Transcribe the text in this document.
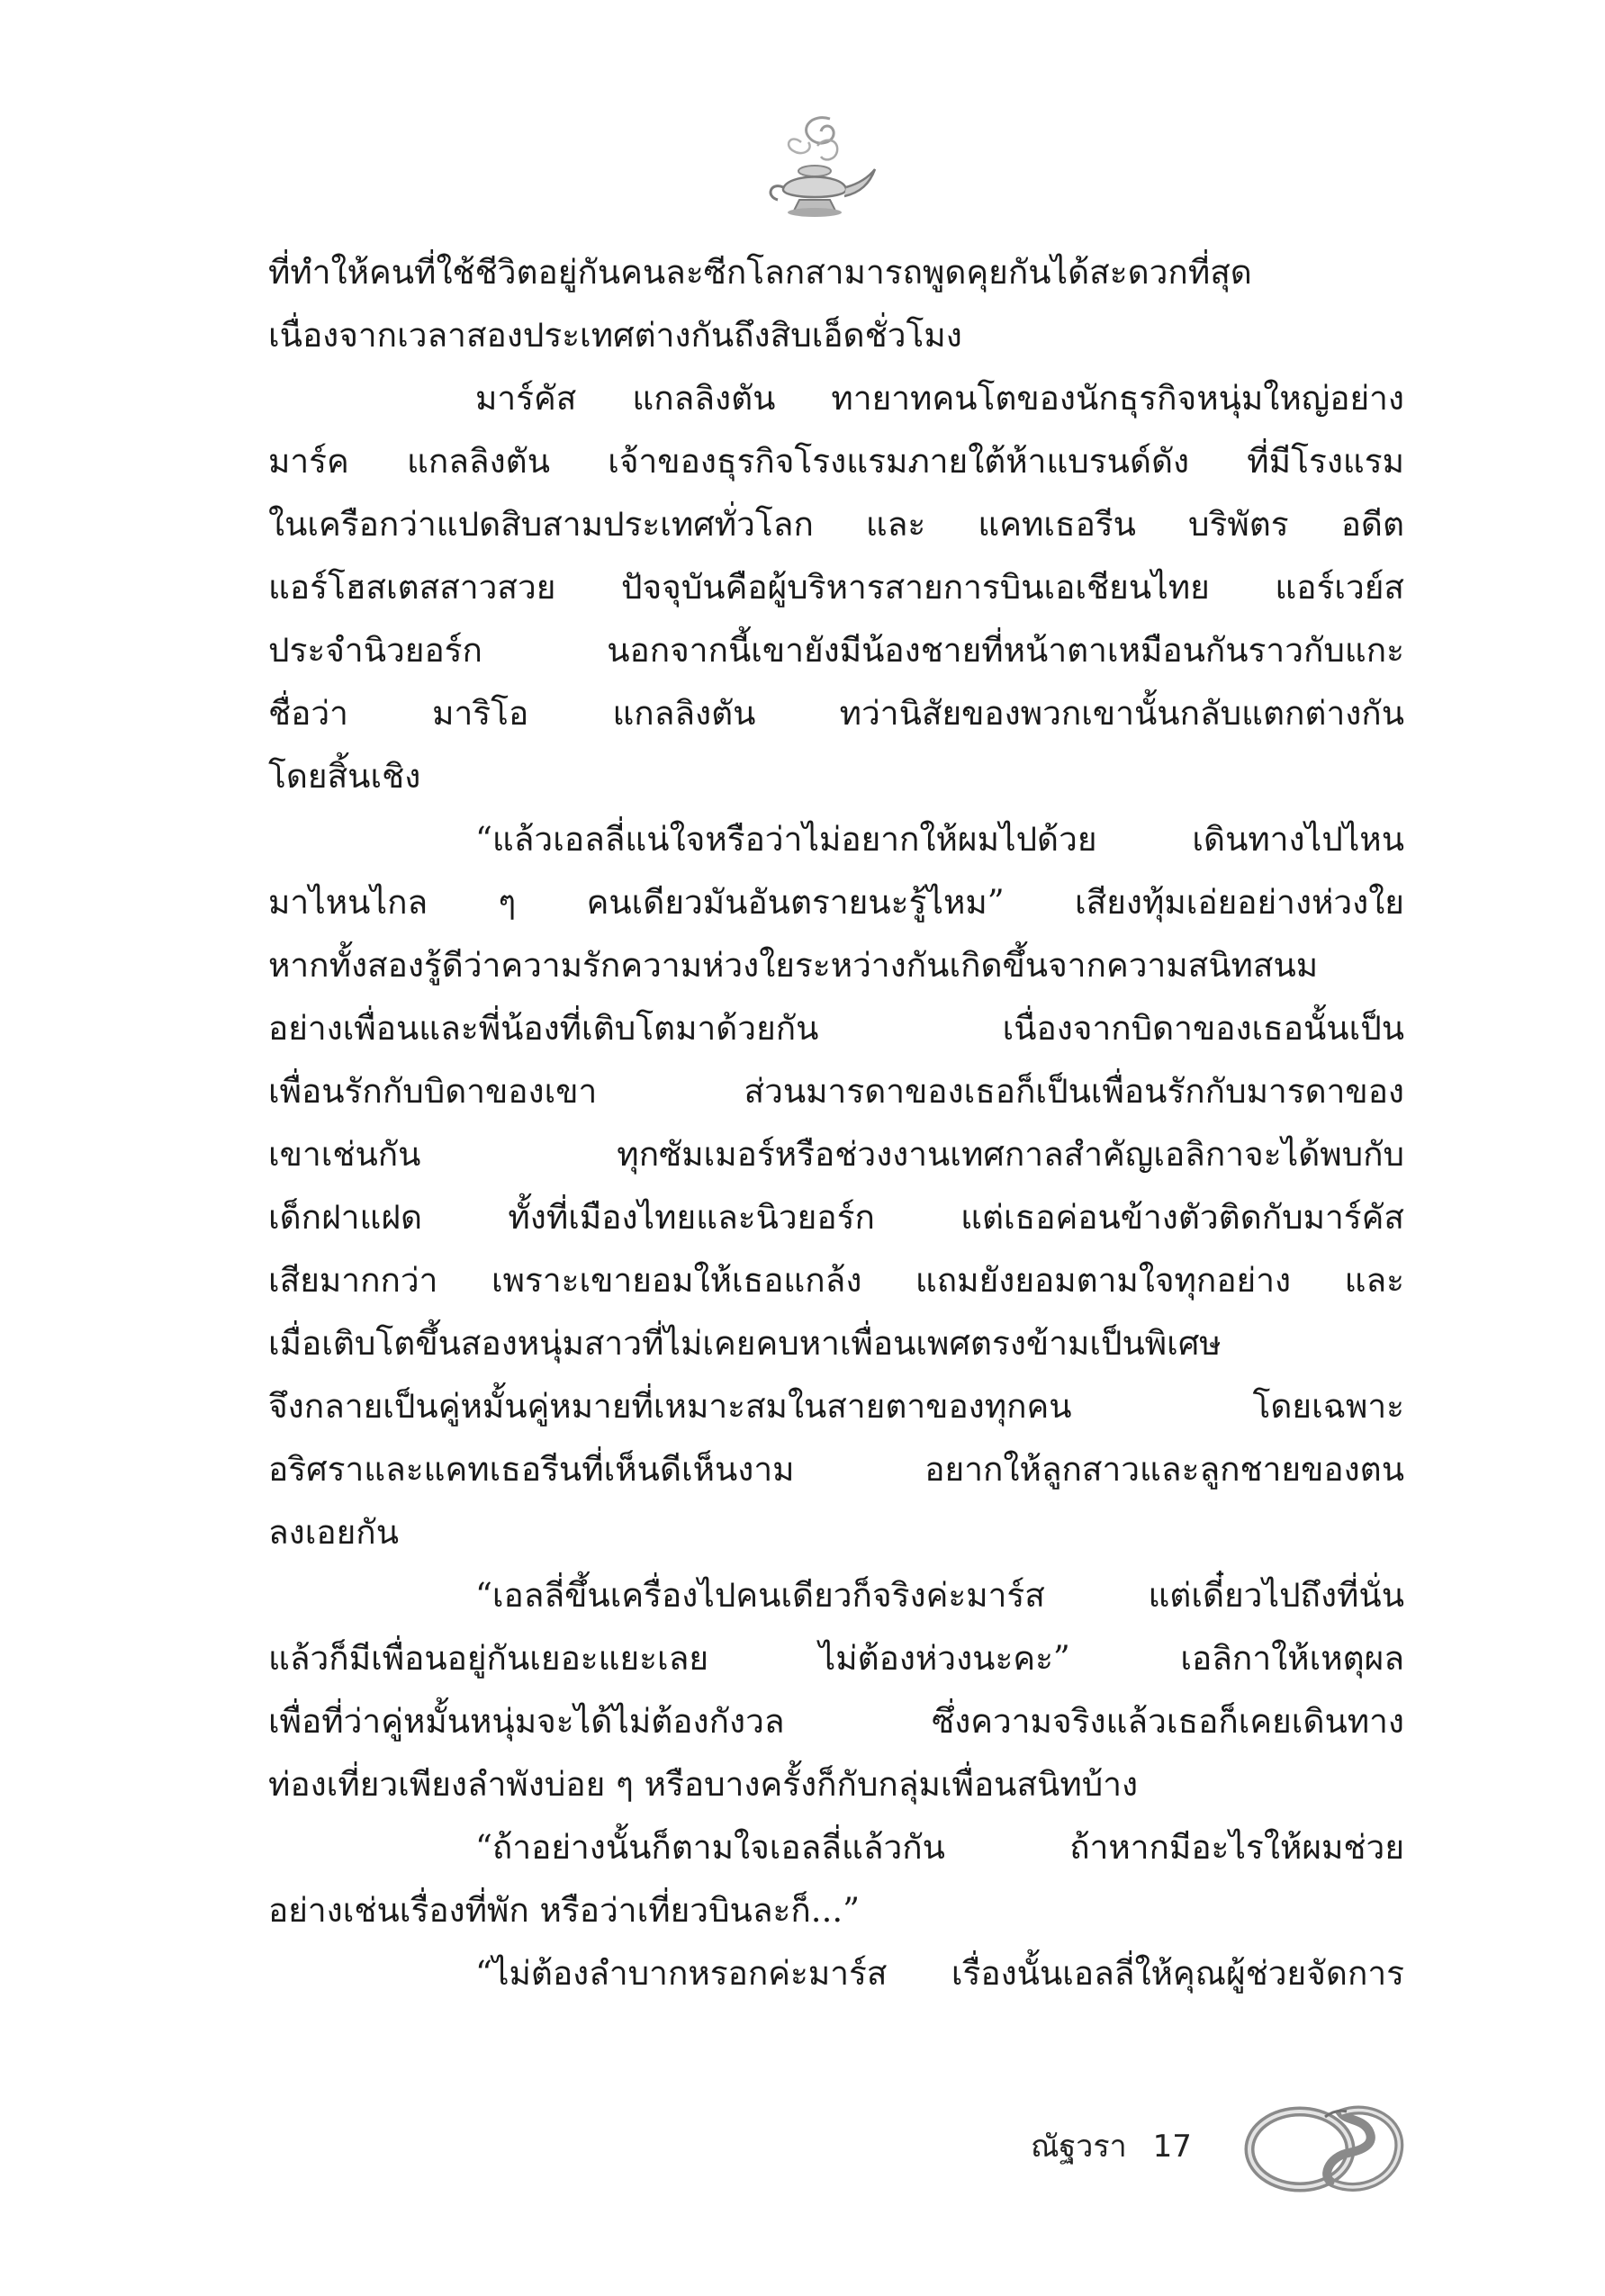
ที่ทำให้คนที่ใช้ชีวิตอยู่กันคนละซีกโลกสามารถพูดคุยกันได้สะดวกที่สุด
เนื่องจากเวลาสองประเทศต่างกันถึงสิบเอ็ดชั่วโมง
มาร์คัส แกลลิงตัน ทายาทคนโตของนักธุรกิจหนุ่มใหญ่อย่าง
มาร์ค แกลลิงตัน เจ้าของธุรกิจโรงแรมภายใต้ห้าแบรนด์ดัง ที่มีโรงแรม
ในเครือกว่าแปดสิบสามประเทศทั่วโลก และ แคทเธอรีน บริพัตร อดีต
แอร์โฮสเตสสาวสวย ปัจจุบันคือผู้บริหารสายการบินเอเชียนไทย แอร์เวย์ส
ประจำนิวยอร์ก นอกจากนี้เขายังมีน้องชายที่หน้าตาเหมือนกันราวกับแกะ
ชื่อว่า มาริโอ แกลลิงตัน ทว่านิสัยของพวกเขานั้นกลับแตกต่างกัน
โดยสิ้นเชิง
“แล้วเอลลี่แน่ใจหรือว่าไม่อยากให้ผมไปด้วย เดินทางไปไหน
มาไหนไกล ๆ คนเดียวมันอันตรายนะรู้ไหม” เสียงทุ้มเอ่ยอย่างห่วงใย
หากทั้งสองรู้ดีว่าความรักความห่วงใยระหว่างกันเกิดขึ้นจากความสนิทสนม
อย่างเพื่อนและพี่น้องที่เติบโตมาด้วยกัน เนื่องจากบิดาของเธอนั้นเป็น
เพื่อนรักกับบิดาของเขา ส่วนมารดาของเธอก็เป็นเพื่อนรักกับมารดาของ
เขาเช่นกัน ทุกซัมเมอร์หรือช่วงงานเทศกาลสำคัญเอลิกาจะได้พบกับ
เด็กฝาแฝด ทั้งที่เมืองไทยและนิวยอร์ก แต่เธอค่อนข้างตัวติดกับมาร์คัส
เสียมากกว่า เพราะเขายอมให้เธอแกล้ง แถมยังยอมตามใจทุกอย่าง และ
เมื่อเติบโตขึ้นสองหนุ่มสาวที่ไม่เคยคบหาเพื่อนเพศตรงข้ามเป็นพิเศษ
จึงกลายเป็นคู่หมั้นคู่หมายที่เหมาะสมในสายตาของทุกคน โดยเฉพาะ
อริศราและแคทเธอรีนที่เห็นดีเห็นงาม อยากให้ลูกสาวและลูกชายของตน
ลงเอยกัน
“เอลลี่ขึ้นเครื่องไปคนเดียวก็จริงค่ะมาร์ส แต่เดี๋ยวไปถึงที่นั่น
แล้วก็มีเพื่อนอยู่กันเยอะแยะเลย ไม่ต้องห่วงนะคะ” เอลิกาให้เหตุผล
เพื่อที่ว่าคู่หมั้นหนุ่มจะได้ไม่ต้องกังวล ซึ่งความจริงแล้วเธอก็เคยเดินทาง
ท่องเที่ยวเพียงลำพังบ่อย ๆ หรือบางครั้งก็กับกลุ่มเพื่อนสนิทบ้าง
“ถ้าอย่างนั้นก็ตามใจเอลลี่แล้วกัน ถ้าหากมีอะไรให้ผมช่วย
อย่างเช่นเรื่องที่พัก หรือว่าเที่ยวบินละก็...”
“ไม่ต้องลำบากหรอกค่ะมาร์ส เรื่องนั้นเอลลี่ให้คุณผู้ช่วยจัดการ
ณัฐวรา 17
